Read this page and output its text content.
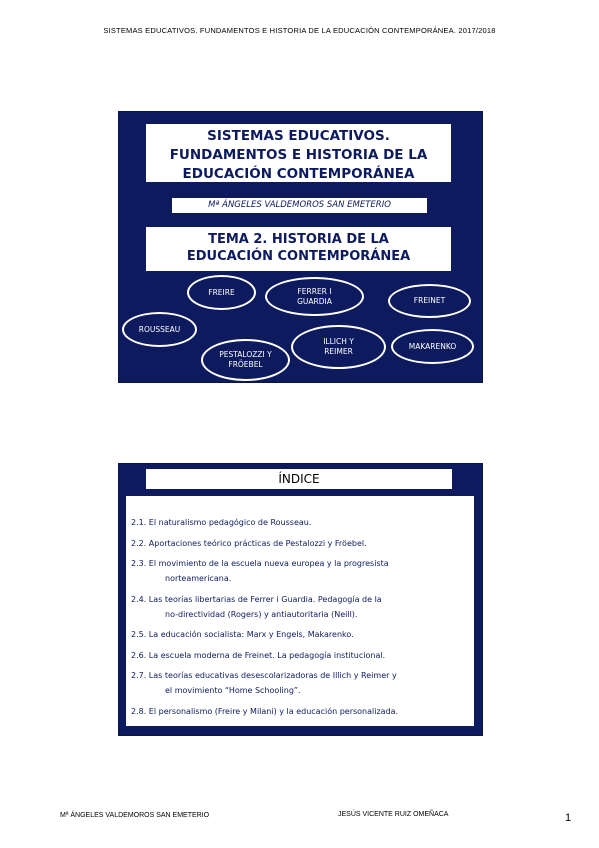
SISTEMAS EDUCATIVOS. FUNDAMENTOS E HISTORIA DE LA EDUCACIÓN CONTEMPORÁNEA. 2017/2018
SISTEMAS EDUCATIVOS.
FUNDAMENTOS E HISTORIA DE LA
EDUCACIÓN CONTEMPORÁNEA
Mª ÁNGELES VALDEMOROS SAN EMETERIO
TEMA 2. HISTORIA DE LA
EDUCACIÓN CONTEMPORÁNEA
FREIRE	FERRER I
GUARDIA	FREINET
ROUSSEAU
PESTALOZZI Y
FRÖEBEL
ILLICH Y
REIMER
MAKARENKO
ÍNDICE
2.1. El naturalismo pedagógico de Rousseau.
2.2. Aportaciones teórico prácticas de Pestalozzi y Fröebel.
2.3. El movimiento de la escuela nueva europea y la progresista
norteamericana.
2.4. Las teorías libertarias de Ferrer i Guardia. Pedagogía de la
no-directividad (Rogers) y antiautoritaria (Neill).
2.5. La educación socialista: Marx y Engels, Makarenko.
2.6. La escuela moderna de Freinet. La pedagogía institucional.
2.7. Las teorías educativas desescolarizadoras de Illich y Reimer y
el movimiento “Home Schooling”.
2.8. El personalismo (Freire y Milani) y la educación personalizada.
Mª ÁNGELES VALDEMOROS SAN EMETERIO	JESÚS VICENTE RUIZ OMEÑACA	1
